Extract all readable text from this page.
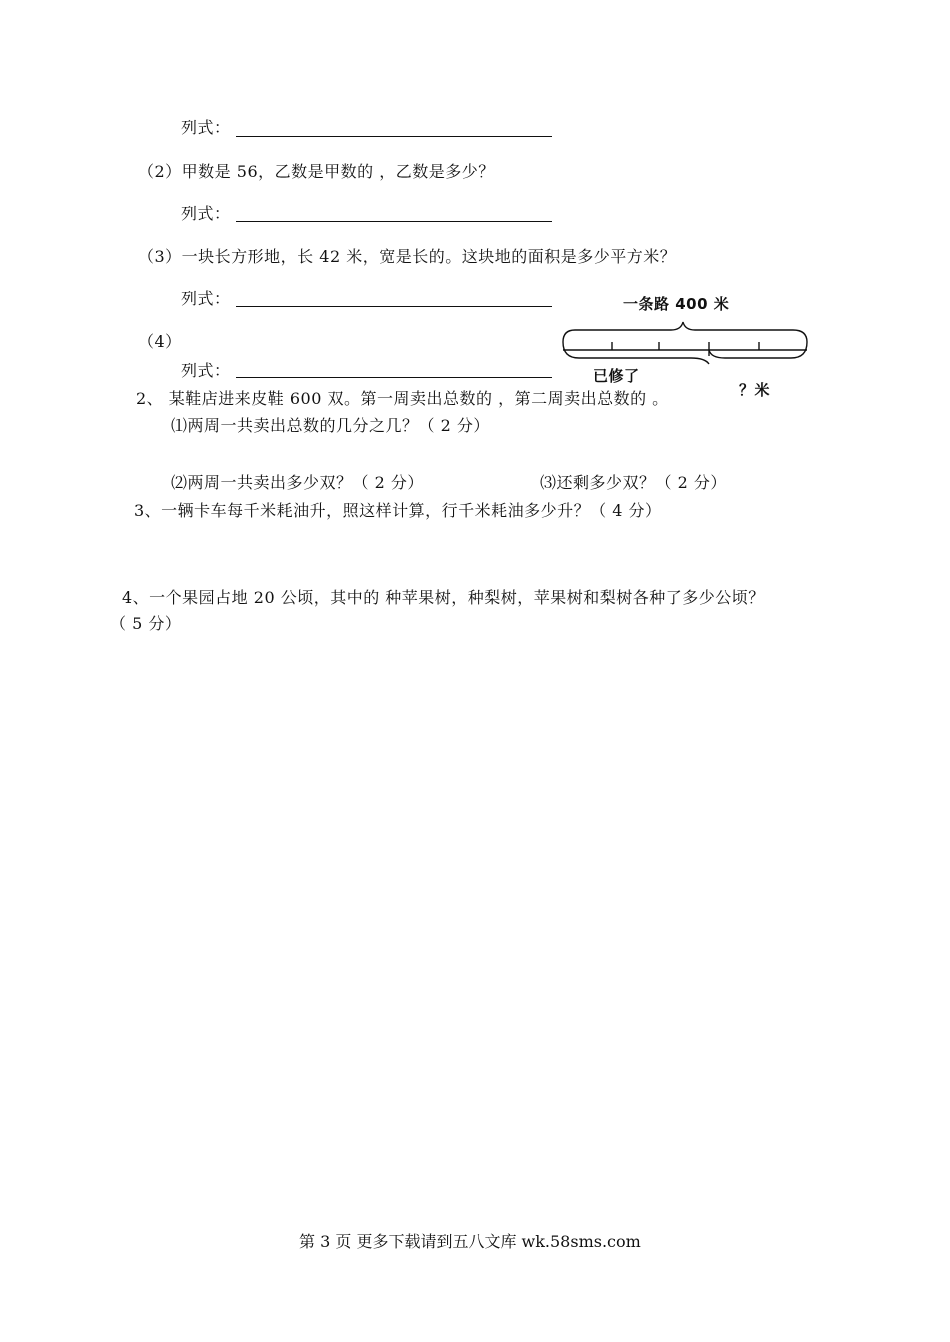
列式：
（2）甲数是 56，乙数是甲数的 ，乙数是多少？
列式：
（3）一块长方形地，长 42 米，宽是长的。这块地的面积是多少平方米？
列式：
（4）
列式：
一条路 400 米
已修了
？米
2、 某鞋店进来皮鞋 600 双。第一周卖出总数的 ，第二周卖出总数的 。
⑴两周一共卖出总数的几分之几？（ 2 分）
⑵两周一共卖出多少双？（ 2 分）	⑶还剩多少双？（ 2 分）
3、一辆卡车每千米耗油升，照这样计算，行千米耗油多少升？（ 4 分）
4、一个果园占地 20 公顷，其中的 种苹果树，种梨树，苹果树和梨树各种了多少公顷？
（ 5 分）
第 3 页 更多下载请到五八文库 wk.58sms.com
